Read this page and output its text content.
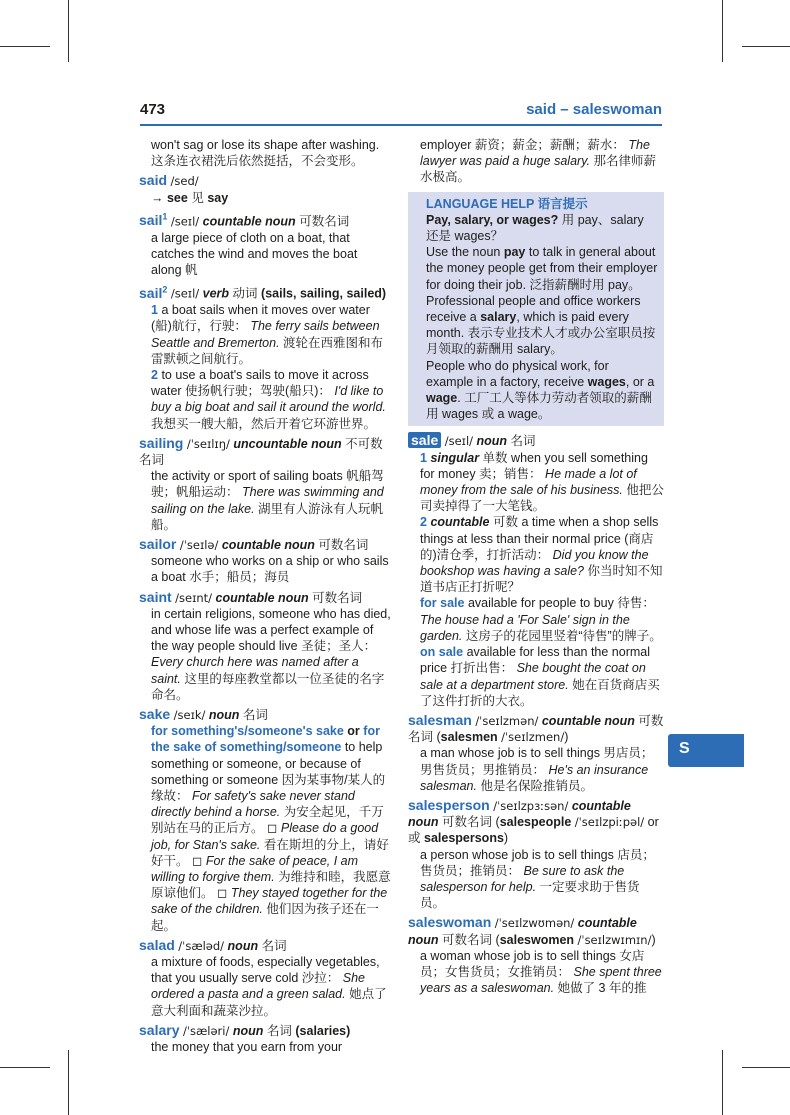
473	said – saleswoman
S
won't sag or lose its shape after washing. 这条连衣裙洗后依然挺括，不会变形。
said /sed/
→ see 见 say
sail$^1$ /seɪl/ countable noun 可数名词
a large piece of cloth on a boat, that catches the wind and moves the boat along 帆
sail$^2$ /seɪl/ verb 动词 (sails, sailing, sailed)
1 a boat sails when it moves over water (船)航行，行驶： The ferry sails between Seattle and Bremerton. 渡轮在西雅图和布雷默顿之间航行。
2 to use a boat's sails to move it across water 使扬帆行驶；驾驶(船只)： I'd like to buy a big boat and sail it around the world. 我想买一艘大船，然后开着它环游世界。
sailing /ˈseɪlɪŋ/ uncountable noun 不可数名词
the activity or sport of sailing boats 帆船驾驶；帆船运动： There was swimming and sailing on the lake. 湖里有人游泳有人玩帆船。
sailor /ˈseɪlə/ countable noun 可数名词
someone who works on a ship or who sails a boat 水手；船员；海员
saint /seɪnt/ countable noun 可数名词
in certain religions, someone who has died, and whose life was a perfect example of the way people should live 圣徒；圣人： Every church here was named after a saint. 这里的每座教堂都以一位圣徒的名字命名。
sake /seɪk/ noun 名词
for something's/someone's sake or for the sake of something/someone to help something or someone, or because of something or someone 因为某事物/某人的缘故： For safety's sake never stand directly behind a horse. 为安全起见，千万别站在马的正后方。 ◻ Please do a good job, for Stan's sake. 看在斯坦的分上，请好好干。 ◻ For the sake of peace, I am willing to forgive them. 为维持和睦，我愿意原谅他们。 ◻ They stayed together for the sake of the children. 他们因为孩子还在一起。
salad /ˈsæləd/ noun 名词
a mixture of foods, especially vegetables, that you usually serve cold 沙拉： She ordered a pasta and a green salad. 她点了意大利面和蔬菜沙拉。
salary /ˈsæləri/ noun 名词 (salaries)
the money that you earn from your
employer 薪资；薪金；薪酬；薪水： The lawyer was paid a huge salary. 那名律师薪水极高。
LANGUAGE HELP 语言提示

Pay, salary, or wages? 用 pay、salary 还是 wages？

Use the noun pay to talk in general about the money people get from their employer for doing their job. 泛指薪酬时用 pay。

Professional people and office workers receive a salary, which is paid every month. 表示专业技术人才或办公室职员按月领取的薪酬用 salary。

People who do physical work, for example in a factory, receive wages, or a wage. 工厂工人等体力劳动者领取的薪酬用 wages 或 a wage。

sale /seɪl/ noun 名词
1 singular 单数 when you sell something for money 卖；销售： He made a lot of money from the sale of his business. 他把公司卖掉得了一大笔钱。
2 countable 可数 a time when a shop sells things at less than their normal price (商店的)清仓季，打折活动： Did you know the bookshop was having a sale? 你当时知不知道书店正打折呢？
for sale available for people to buy 待售： The house had a 'For Sale' sign in the garden. 这房子的花园里竖着“待售”的牌子。
on sale available for less than the normal price 打折出售： She bought the coat on sale at a department store. 她在百货商店买了这件打折的大衣。
salesman /ˈseɪlzmən/ countable noun 可数名词 (salesmen /ˈseɪlzmen/)
a man whose job is to sell things 男店员；男售货员；男推销员： He's an insurance salesman. 他是名保险推销员。
salesperson /ˈseɪlzpɜːsən/ countable noun 可数名词 (salespeople /ˈseɪlzpiːpəl/ or 或 salespersons)
a person whose job is to sell things 店员；售货员；推销员： Be sure to ask the salesperson for help. 一定要求助于售货员。
saleswoman /ˈseɪlzwʊmən/ countable noun 可数名词 (saleswomen /ˈseɪlzwɪmɪn/)
a woman whose job is to sell things 女店员；女售货员；女推销员： She spent three years as a saleswoman. 她做了 3 年的推
